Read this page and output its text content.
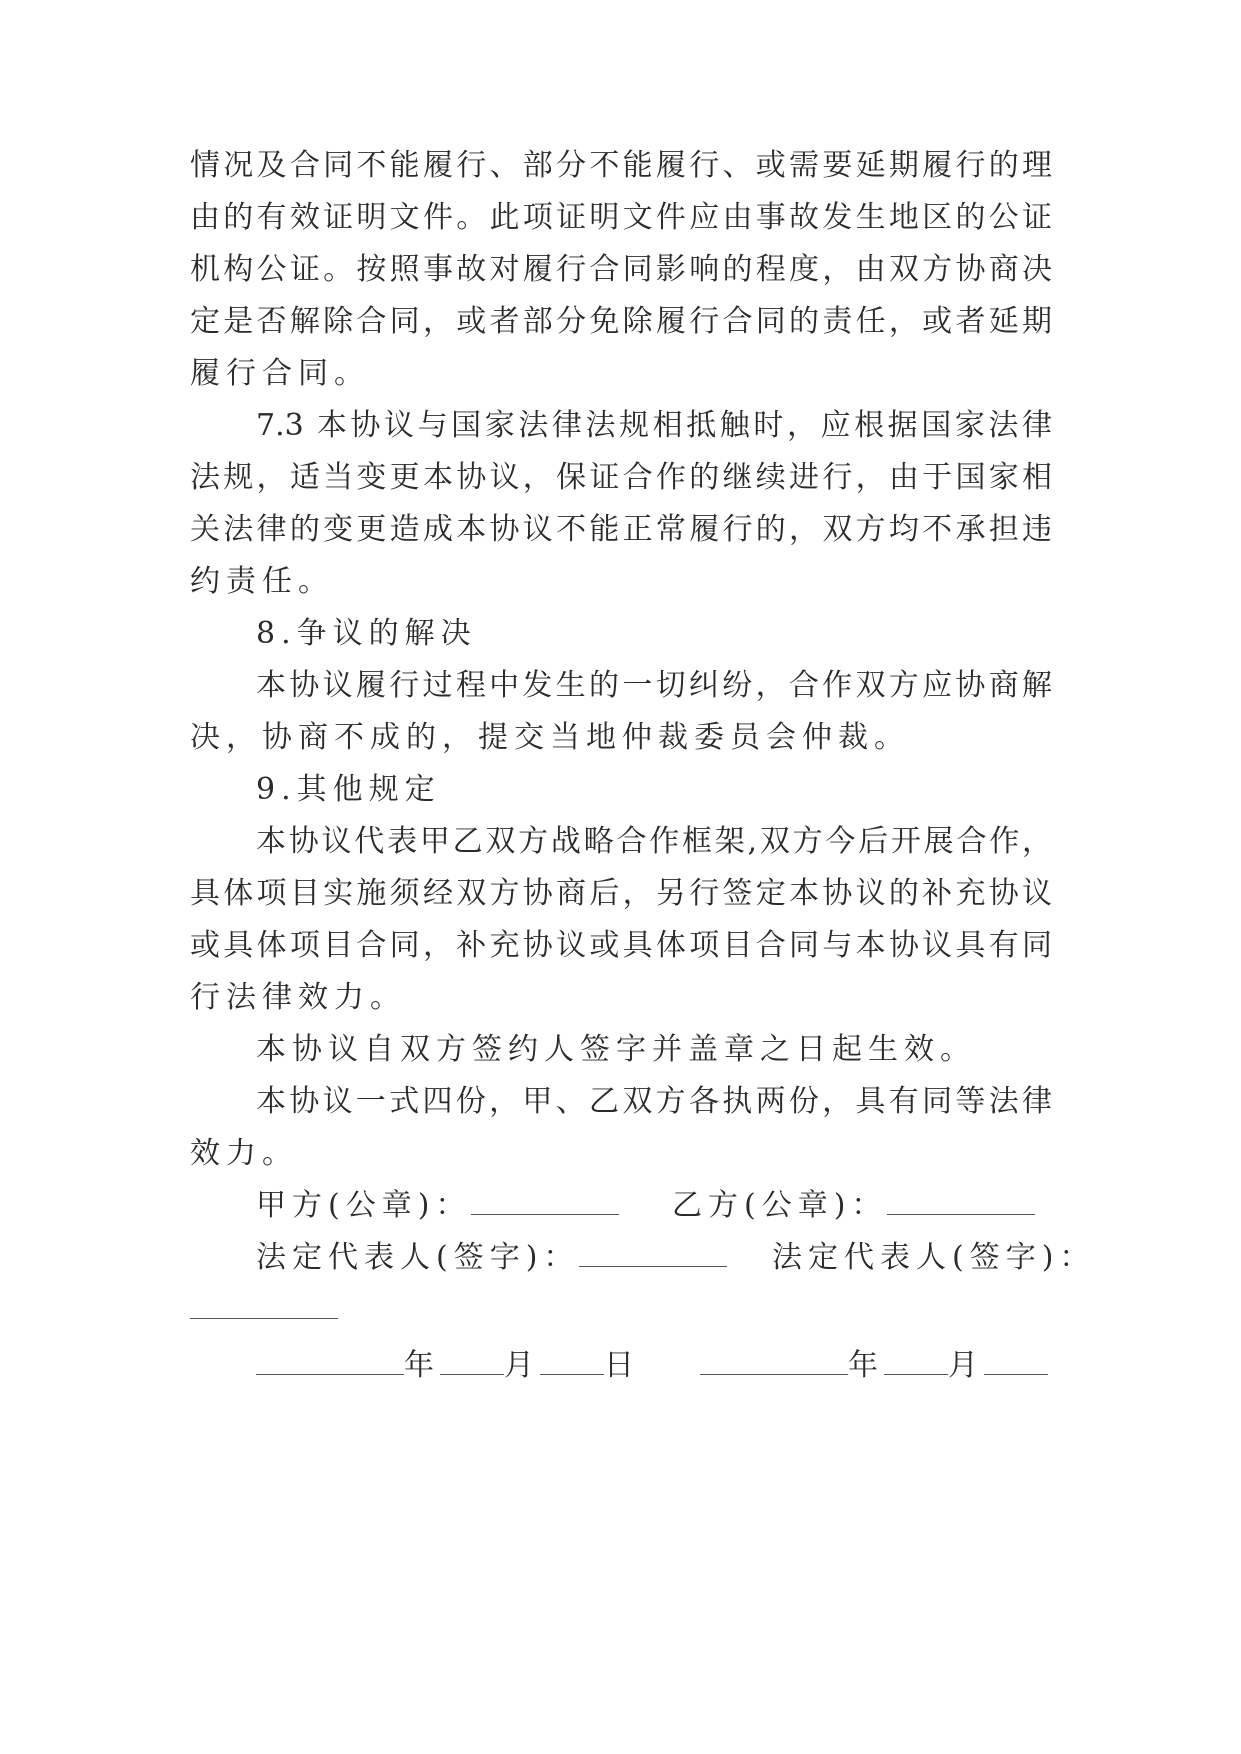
情况及合同不能履行、部分不能履行、或需要延期履行的理
由的有效证明文件。此项证明文件应由事故发生地区的公证
机构公证。按照事故对履行合同影响的程度，由双方协商决
定是否解除合同，或者部分免除履行合同的责任，或者延期
履行合同。
7.3 本协议与国家法律法规相抵触时，应根据国家法律
法规，适当变更本协议，保证合作的继续进行，由于国家相
关法律的变更造成本协议不能正常履行的，双方均不承担违
约责任。
8.争议的解决
本协议履行过程中发生的一切纠纷，合作双方应协商解
决，协商不成的，提交当地仲裁委员会仲裁。
9.其他规定
本协议代表甲乙双方战略合作框架,双方今后开展合作，
具体项目实施须经双方协商后，另行签定本协议的补充协议
或具体项目合同，补充协议或具体项目合同与本协议具有同
行法律效力。
本协议自双方签约人签字并盖章之日起生效。
本协议一式四份，甲、乙双方各执两份，具有同等法律
效力。
甲方(公章)：	乙方(公章)：
法定代表人(签字)：	法定代表人(签字)：
年 月 日	年 月
